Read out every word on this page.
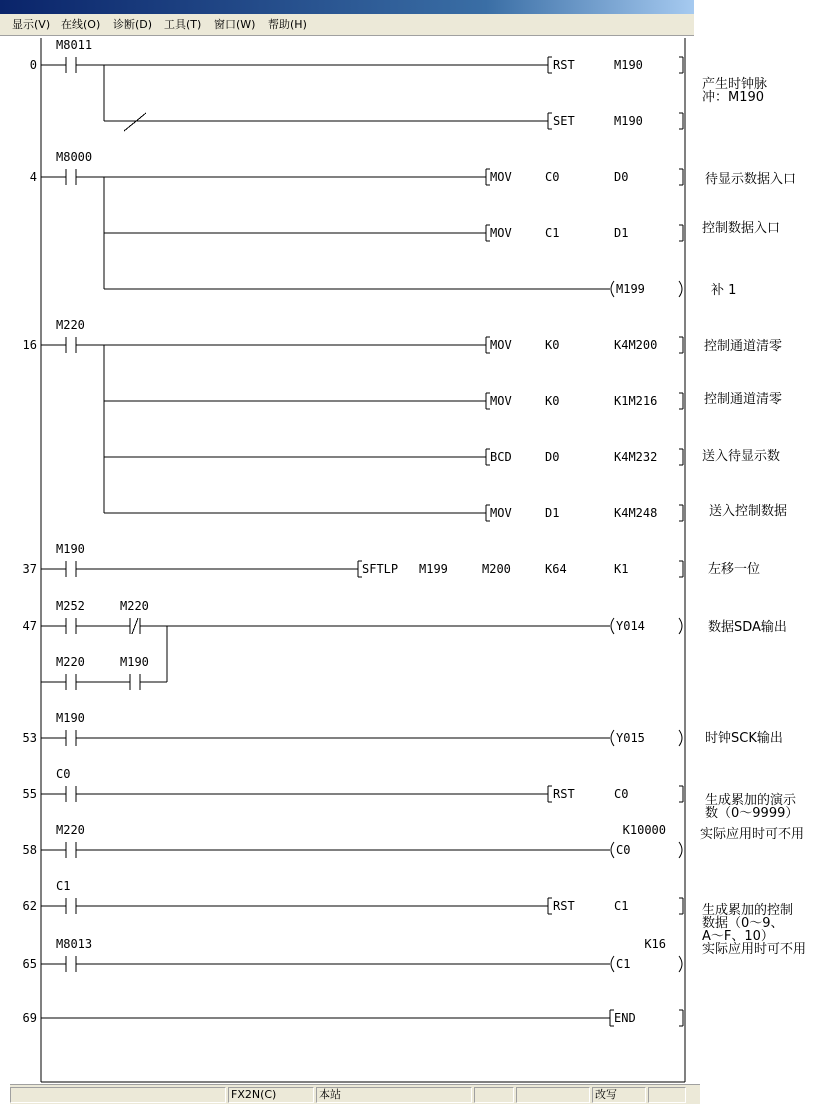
0
4
16
37
47
53
55
58
62
65
69
M8011
M8000
M220
M190
M252	M220
M220	M190
M190
C0
M220
C1
M8013
RST	M190
SET	M190
RST	C0
RST	C1
MOV	C0	D0
MOV	C1	D1
MOV	K0	K4M200
MOV	K0	K1M216
BCD	D0	K4M232
MOV	D1	K4M248
SFTLP M199	M200	K64	K1
M199
Y014
Y015
C0
K10000
C1
K16
END
产生时钟脉
冲：M190
待显示数据入口
控制数据入口
补 1
控制通道清零
控制通道清零
送入待显示数
送入控制数据
左移一位
数据SDA输出
时钟SCK输出
生成累加的演示
数（0～9999）
实际应用时可不用
生成累加的控制
数据（0～9、
A～F、10）
实际应用时可不用

显示(V) 在线(O) 诊断(D) 工具(T) 窗口(W) 帮助(H)
FX2N(C)	本站	改写
